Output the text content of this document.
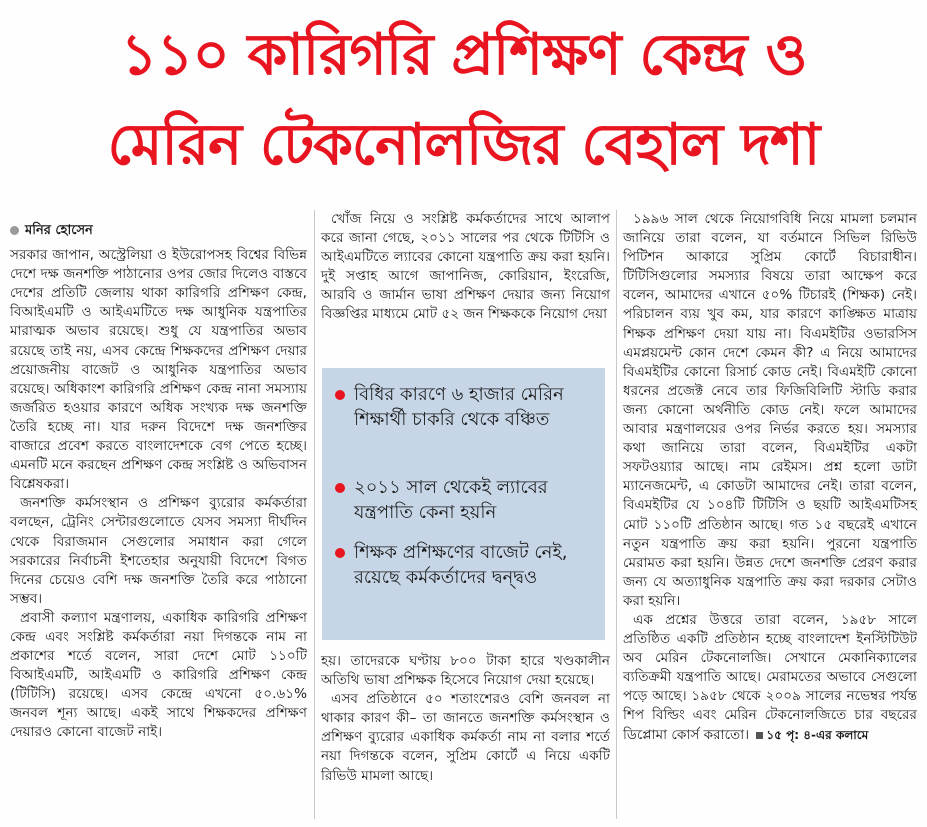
১১০ কারিগরি প্রশিক্ষণ কেন্দ্র ও
মেরিন টেকনোলজির বেহাল দশা
মনির হোসেন

সরকার জাপান, অস্ট্রেলিয়া ও ইউরোপসহ বিশ্বের বিভিন্ন দেশে দক্ষ জনশক্তি পাঠানোর ওপর জোর দিলেও বাস্তবে দেশের প্রতিটি জেলায় থাকা কারিগরি প্রশিক্ষণ কেন্দ্র, বিআইএমটি ও আইএমটিতে দক্ষ আধুনিক যন্ত্রপাতির মারাত্মক অভাব রয়েছে। শুধু যে যন্ত্রপাতির অভাব রয়েছে তাই নয়, এসব কেন্দ্রে শিক্ষকদের প্রশিক্ষণ দেয়ার প্রয়োজনীয় বাজেট ও আধুনিক যন্ত্রপাতির অভাব রয়েছে। অধিকাংশ কারিগরি প্রশিক্ষণ কেন্দ্র নানা সমস্যায় জর্জরিত হওয়ার কারণে অধিক সংখ্যক দক্ষ জনশক্তি তৈরি হচ্ছে না। যার দরুন বিদেশে দক্ষ জনশক্তির বাজারে প্রবেশ করতে বাংলাদেশকে বেগ পেতে হচ্ছে। এমনটি মনে করছেন প্রশিক্ষণ কেন্দ্র সংশ্লিষ্ট ও অভিবাসন বিশ্লেষকরা।

জনশক্তি কর্মসংস্থান ও প্রশিক্ষণ ব্যুরোর কর্মকর্তারা বলছেন, ট্রেনিং সেন্টারগুলোতে যেসব সমস্যা দীর্ঘদিন থেকে বিরাজমান সেগুলোর সমাধান করা গেলে সরকারের নির্বাচনী ইশতেহার অনুযায়ী বিদেশে বিগত দিনের চেয়েও বেশি দক্ষ জনশক্তি তৈরি করে পাঠানো সম্ভব।

প্রবাসী কল্যাণ মন্ত্রণালয়, একাধিক কারিগরি প্রশিক্ষণ কেন্দ্র এবং সংশ্লিষ্ট কর্মকর্তারা নয়া দিগন্তকে নাম না প্রকাশের শর্তে বলেন, সারা দেশে মোট ১১০টি বিআইএমটি, আইএমটি ও কারিগরি প্রশিক্ষণ কেন্দ্র (টিটিসি) রয়েছে। এসব কেন্দ্রে এখনো ৫০.৬১% জনবল শূন্য আছে। একই সাথে শিক্ষকদের প্রশিক্ষণ দেয়ারও কোনো বাজেট নাই।

খোঁজ নিয়ে ও সংশ্লিষ্ট কর্মকর্তাদের সাথে আলাপ করে জানা গেছে, ২০১১ সালের পর থেকে টিটিসি ও আইএমটিতে ল্যাবের কোনো যন্ত্রপাতি ক্রয় করা হয়নি। দুই সপ্তাহ আগে জাপানিজ, কোরিয়ান, ইংরেজি, আরবি ও জার্মান ভাষা প্রশিক্ষণ দেয়ার জন্য নিয়োগ বিজ্ঞপ্তির মাধ্যমে মোট ৫২ জন শিক্ষককে নিয়োগ দেয়া

বিধির কারণে ৬ হাজার মেরিন শিক্ষার্থী চাকরি থেকে বঞ্চিত
২০১১ সাল থেকেই ল্যাবের যন্ত্রপাতি কেনা হয়নি
শিক্ষক প্রশিক্ষণের বাজেট নেই, রয়েছে কর্মকর্তাদের দ্বন্দ্বও

হয়। তাদেরকে ঘণ্টায় ৮০০ টাকা হারে খণ্ডকালীন অতিথি ভাষা প্রশিক্ষক হিসেবে নিয়োগ দেয়া হয়েছে।

এসব প্রতিষ্ঠানে ৫০ শতাংশেরও বেশি জনবল না থাকার কারণ কী– তা জানতে জনশক্তি কর্মসংস্থান ও প্রশিক্ষণ ব্যুরোর একাধিক কর্মকর্তা নাম না বলার শর্তে নয়া দিগন্তকে বলেন, সুপ্রিম কোর্টে এ নিয়ে একটি রিভিউ মামলা আছে।

১৯৯৬ সাল থেকে নিয়োগবিধি নিয়ে মামলা চলমান জানিয়ে তারা বলেন, যা বর্তমানে সিভিল রিভিউ পিটিশন আকারে সুপ্রিম কোর্টে বিচারাধীন। টিটিসিগুলোর সমস্যার বিষয়ে তারা আক্ষেপ করে বলেন, আমাদের এখানে ৫০% টিচারই (শিক্ষক) নেই। পরিচালন ব্যয় খুব কম, যার কারণে কাঙ্ক্ষিত মাত্রায় শিক্ষক প্রশিক্ষণ দেয়া যায় না। বিএমইটির ওভারসিস এমপ্লয়মেন্ট কোন দেশে কেমন কী? এ নিয়ে আমাদের বিএমইটির কোনো রিসার্চ কোড নেই। বিএমইটি কোনো ধরনের প্রজেক্ট নেবে তার ফিজিবিলিটি স্টাডি করার জন্য কোনো অর্থনীতি কোড নেই। ফলে আমাদের আবার মন্ত্রণালয়ের ওপর নির্ভর করতে হয়। সমস্যার কথা জানিয়ে তারা বলেন, বিএমইটির একটা সফটওয়্যার আছে। নাম রেইমস। প্রশ্ন হলো ডাটা ম্যানেজমেন্ট, এ কোডটা আমাদের নেই। তারা বলেন, বিএমইটির যে ১০৪টি টিটিসি ও ছয়টি আইএমটিসহ মোট ১১০টি প্রতিষ্ঠান আছে। গত ১৫ বছরেই এখানে নতুন যন্ত্রপাতি ক্রয় করা হয়নি। পুরনো যন্ত্রপাতি মেরামত করা হয়নি। উন্নত দেশে জনশক্তি প্রেরণ করার জন্য যে অত্যাধুনিক যন্ত্রপাতি ক্রয় করা দরকার সেটাও করা হয়নি।

এক প্রশ্নের উত্তরে তারা বলেন, ১৯৫৮ সালে প্রতিষ্ঠিত একটি প্রতিষ্ঠান হচ্ছে বাংলাদেশ ইনস্টিটিউট অব মেরিন টেকনোলজি। সেখানে মেকানিক্যালের ব্যতিক্রমী যন্ত্রপাতি আছে। মেরামতের অভাবে সেগুলো পড়ে আছে। ১৯৫৮ থেকে ২০০৯ সালের নভেম্বর পর্যন্ত শিপ বিল্ডিং এবং মেরিন টেকনোলজিতে চার বছরের ডিপ্লোমা কোর্স করাতো। ১৫ পৃ: ৪-এর কলামে
